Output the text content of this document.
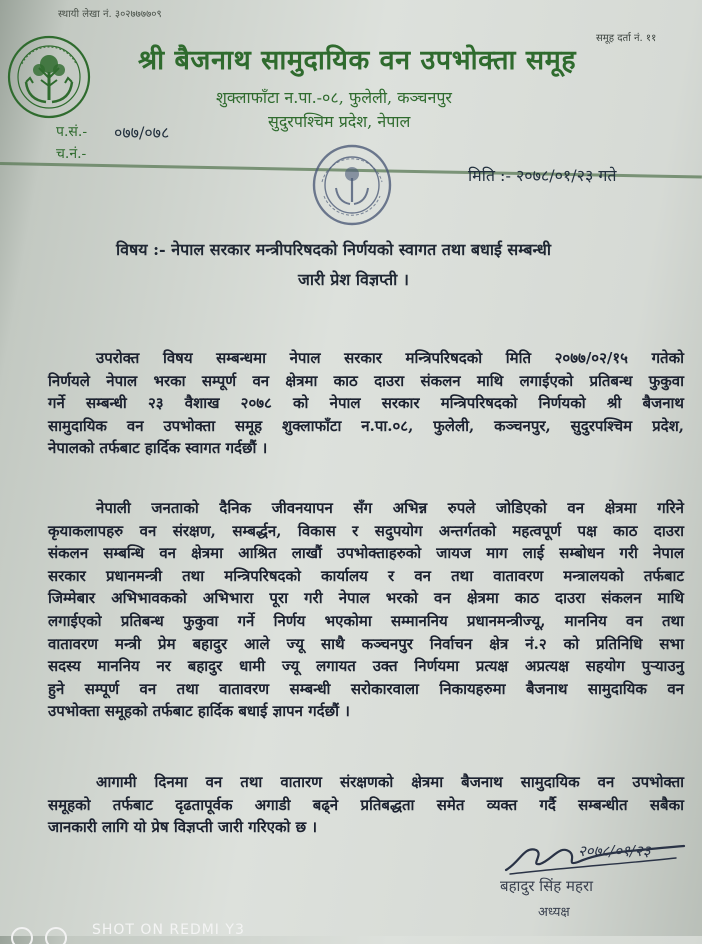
स्थायी लेखा नं. ३०२७७७७०९
समूह दर्ता नं. ११
श्री बैजनाथ सामुदायिक वन उपभोक्ता समूह
शुक्लाफाँटा न.पा.-०८, फुलेली, कञ्चनपुर
सुदुरपश्चिम प्रदेश, नेपाल
प.सं.- ०७७/०७८
च.नं.-
मिति :- २०७८/०१/२३ गते
विषय :- नेपाल सरकार मन्त्रीपरिषदको निर्णयको स्वागत तथा बधाई सम्बन्धी
जारी प्रेश विज्ञप्ती ।
उपरोक्त विषय सम्बन्धमा नेपाल सरकार मन्त्रिपरिषदको मिति २०७७/०२/१५ गतेको
निर्णयले नेपाल भरका सम्पूर्ण वन क्षेत्रमा काठ दाउरा संकलन माथि लगाईएको प्रतिबन्ध फुकुवा
गर्ने सम्बन्धी २३ वैशाख २०७८ को नेपाल सरकार मन्त्रिपरिषदको निर्णयको श्री बैजनाथ
सामुदायिक वन उपभोक्ता समूह शुक्लाफाँटा न.पा.०८, फुलेली, कञ्चनपुर, सुदुरपश्चिम प्रदेश,
नेपालको तर्फबाट हार्दिक स्वागत गर्दछौं ।
नेपाली जनताको दैनिक जीवनयापन सँग अभिन्न रुपले जोडिएको वन क्षेत्रमा गरिने
कृयाकलापहरु वन संरक्षण, सम्बर्द्धन, विकास र सदुपयोग अन्तर्गतको महत्वपूर्ण पक्ष काठ दाउरा
संकलन सम्बन्धि वन क्षेत्रमा आश्रित लाखौं उपभोक्ताहरुको जायज माग लाई सम्बोधन गरी नेपाल
सरकार प्रधानमन्त्री तथा मन्त्रिपरिषदको कार्यालय र वन तथा वातावरण मन्त्रालयको तर्फबाट
जिम्मेबार अभिभावकको अभिभारा पूरा गरी नेपाल भरको वन क्षेत्रमा काठ दाउरा संकलन माथि
लगाईएको प्रतिबन्ध फुकुवा गर्ने निर्णय भएकोमा सम्माननिय प्रधानमन्त्रीज्यू, माननिय वन तथा
वातावरण मन्त्री प्रेम बहादुर आले ज्यू साथै कञ्चनपुर निर्वाचन क्षेत्र नं.२ को प्रतिनिधि सभा
सदस्य माननिय नर बहादुर धामी ज्यू लगायत उक्त निर्णयमा प्रत्यक्ष अप्रत्यक्ष सहयोग पुऱ्याउनु
हुने सम्पूर्ण वन तथा वातावरण सम्बन्धी सरोकारवाला निकायहरुमा बैजनाथ सामुदायिक वन
उपभोक्ता समूहको तर्फबाट हार्दिक बधाई ज्ञापन गर्दछौं ।
आगामी दिनमा वन तथा वातारण संरक्षणको क्षेत्रमा बैजनाथ सामुदायिक वन उपभोक्ता
समूहको तर्फबाट दृढतापूर्वक अगाडी बढ्ने प्रतिबद्धता समेत व्यक्त गर्दै सम्बन्धीत सबैका
जानकारी लागि यो प्रेष विज्ञप्ती जारी गरिएको छ ।
२०७८/०१/२३
बहादुर सिंह महरा
अध्यक्ष
SHOT ON REDMI Y3
